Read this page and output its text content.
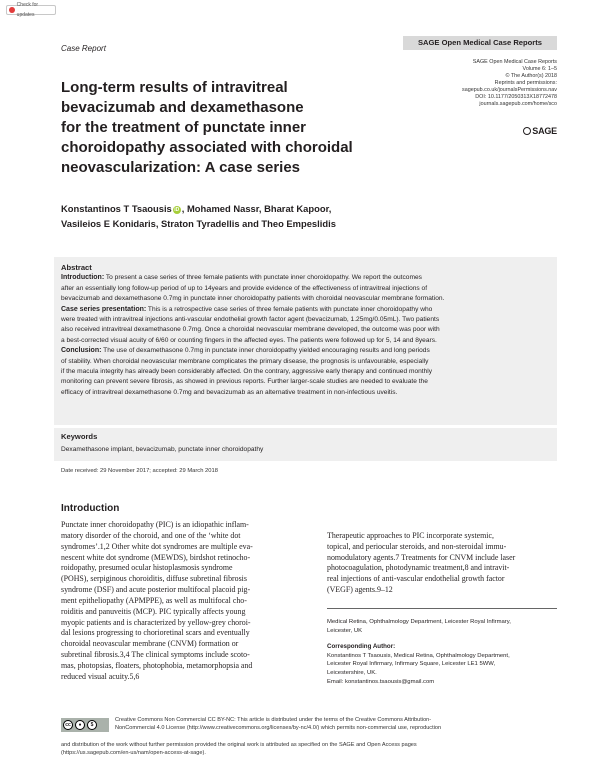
Check for updates
Case Report
SAGE Open Medical Case Reports
SAGE Open Medical Case Reports
Volume 6: 1–5
© The Author(s) 2018
Reprints and permissions:
sagepub.co.uk/journalsPermissions.nav
DOI: 10.1177/2050313X18772478
journals.sagepub.com/home/sco
SAGE
Long-term results of intravitreal
bevacizumab and dexamethasone
for the treatment of punctate inner
choroidopathy associated with choroidal
neovascularization: A case series
Konstantinos T Tsaousis iD , Mohamed Nassr, Bharat Kapoor,
Vasileios E Konidaris, Straton Tyradellis and Theo Empeslidis
Abstract
Introduction: To present a case series of three female patients with punctate inner choroidopathy. We report the outcomes
after an essentially long follow-up period of up to 14years and provide evidence of the effectiveness of intravitreal injections of
bevacizumab and dexamethasone 0.7mg in punctate inner choroidopathy patients with choroidal neovascular membrane formation.
Case series presentation: This is a retrospective case series of three female patients with punctate inner choroidopathy who
were treated with intravitreal injections anti-vascular endothelial growth factor agent (bevacizumab, 1.25mg/0.05mL). Two patients
also received intravitreal dexamethasone 0.7mg. Once a choroidal neovascular membrane developed, the outcome was poor with
a best-corrected visual acuity of 6/60 or counting fingers in the affected eyes. The patients were followed up for 5, 14 and 8years.
Conclusion: The use of dexamethasone 0.7mg in punctate inner choroidopathy yielded encouraging results and long periods
of stability. When choroidal neovascular membrane complicates the primary disease, the prognosis is unfavourable, especially
if the macula integrity has already been considerably affected. On the contrary, aggressive early therapy and continued monthly
monitoring can prevent severe fibrosis, as showed in previous reports. Further larger-scale studies are needed to evaluate the
efficacy of intravitreal dexamethasone 0.7mg and bevacizumab as an alternative treatment in non-infectious uveitis.
Keywords
Dexamethasone implant, bevacizumab, punctate inner choroidopathy
Date received: 29 November 2017; accepted: 29 March 2018
Introduction
Punctate inner choroidopathy (PIC) is an idiopathic inflam-
matory disorder of the choroid, and one of the ‘white dot
syndromes’.1,2 Other white dot syndromes are multiple eva-
nescent white dot syndrome (MEWDS), birdshot retinocho-
roidopathy, presumed ocular histoplasmosis syndrome
(POHS), serpiginous choroiditis, diffuse subretinal fibrosis
syndrome (DSF) and acute posterior multifocal placoid pig-
ment epitheliopathy (APMPPE), as well as multifocal cho-
roiditis and panuveitis (MCP). PIC typically affects young
myopic patients and is characterized by yellow-grey choroi-
dal lesions progressing to chorioretinal scars and eventually
choroidal neovascular membrane (CNVM) formation or
subretinal fibrosis.3,4 The clinical symptoms include scoto-
mas, photopsias, floaters, photophobia, metamorphopsia and
reduced visual acuity.5,6
Therapeutic approaches to PIC incorporate systemic,
topical, and periocular steroids, and non-steroidal immu-
nomodulatory agents.7 Treatments for CNVM include laser
photocoagulation, photodynamic treatment,8 and intravit-
real injections of anti-vascular endothelial growth factor
(VEGF) agents.9–12
Medical Retina, Ophthalmology Department, Leicester Royal Infirmary,
Leicester, UK
Corresponding Author:
Konstantinos T Tsaousis, Medical Retina, Ophthalmology Department,
Leicester Royal Infirmary, Infirmary Square, Leicester LE1 5WW,
Leicestershire, UK.
Email: konstantinos.tsaousis@gmail.com
cc	●	$
Creative Commons Non Commercial CC BY-NC: This article is distributed under the terms of the Creative Commons Attribution-
NonCommercial 4.0 License (http://www.creativecommons.org/licenses/by-nc/4.0/) which permits non-commercial use, reproduction
and distribution of the work without further permission provided the original work is attributed as specified on the SAGE and Open Access pages
(https://us.sagepub.com/en-us/nam/open-access-at-sage).
